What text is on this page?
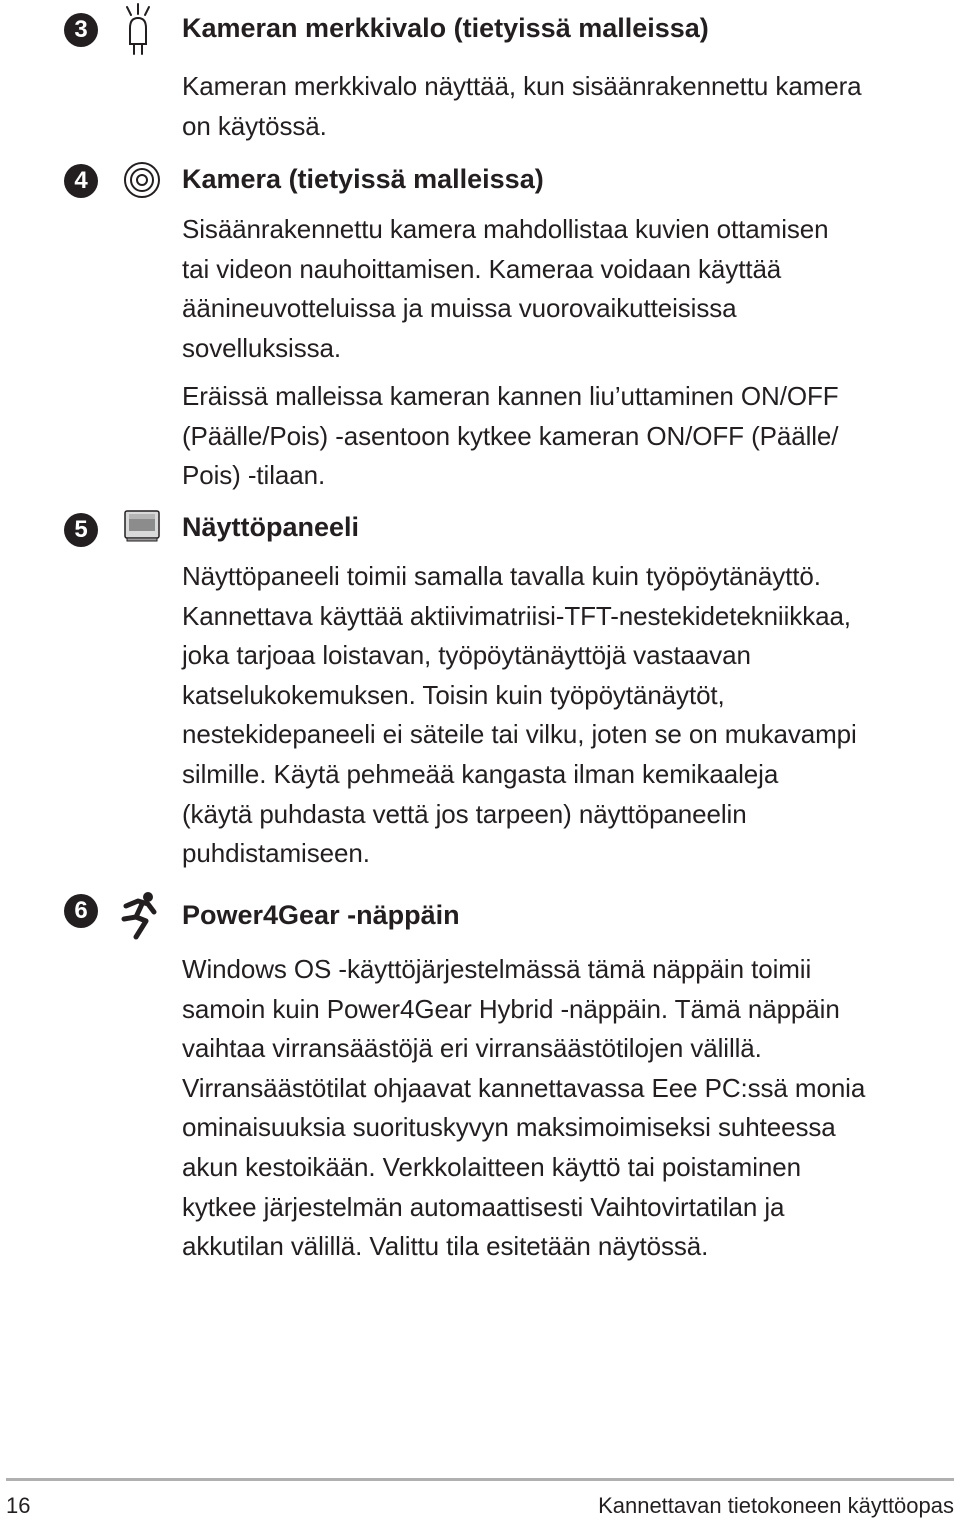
3	Kameran merkkivalo (tietyissä malleissa)

Kameran merkkivalo näyttää, kun sisäänrakennettu kamera
on käytössä.

4	Kamera (tietyissä malleissa)

Sisäänrakennettu kamera mahdollistaa kuvien ottamisen
tai videon nauhoittamisen. Kameraa voidaan käyttää
äänineuvotteluissa ja muissa vuorovaikutteisissa
sovelluksissa.

Eräissä malleissa kameran kannen liu’uttaminen ON/OFF
(Päälle/Pois) -asentoon kytkee kameran ON/OFF (Päälle/
Pois) -tilaan.

5	Näyttöpaneeli

Näyttöpaneeli toimii samalla tavalla kuin työpöytänäyttö.
Kannettava käyttää aktiivimatriisi-TFT-nestekidetekniikkaa,
joka tarjoaa loistavan, työpöytänäyttöjä vastaavan
katselukokemuksen. Toisin kuin työpöytänäytöt,
nestekidepaneeli ei säteile tai vilku, joten se on mukavampi
silmille. Käytä pehmeää kangasta ilman kemikaaleja
(käytä puhdasta vettä jos tarpeen) näyttöpaneelin
puhdistamiseen.

6	Power4Gear -näppäin

Windows OS -käyttöjärjestelmässä tämä näppäin toimii
samoin kuin Power4Gear Hybrid -näppäin. Tämä näppäin
vaihtaa virransäästöjä eri virransäästötilojen välillä.
Virransäästötilat ohjaavat kannettavassa Eee PC:ssä monia
ominaisuuksia suorituskyvyn maksimoimiseksi suhteessa
akun kestoikään. Verkkolaitteen käyttö tai poistaminen
kytkee järjestelmän automaattisesti Vaihtovirtatilan ja
akkutilan välillä. Valittu tila esitetään näytössä.

16	Kannettavan tietokoneen käyttöopas
